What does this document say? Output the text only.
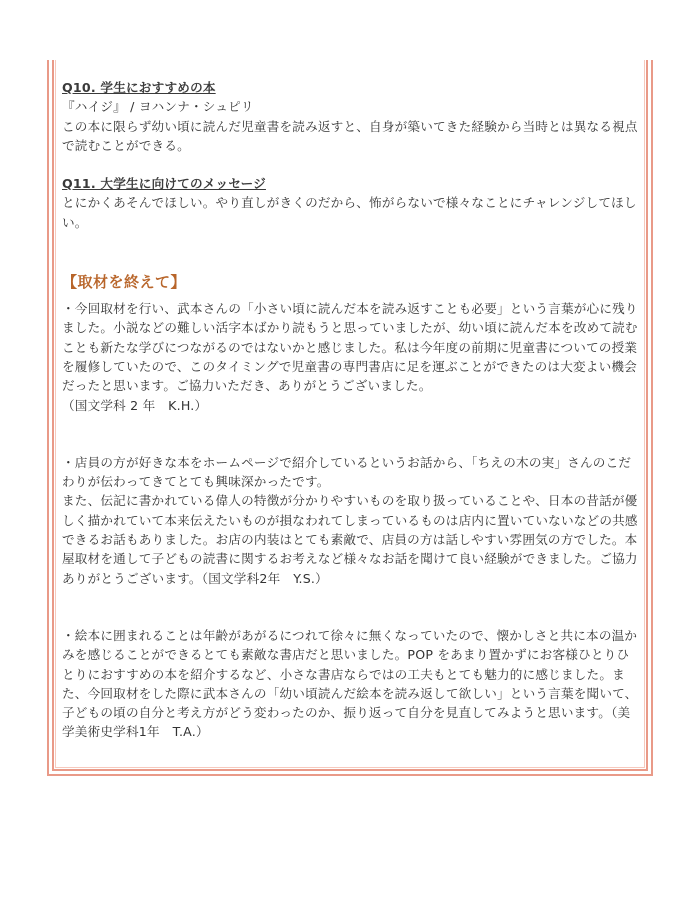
Q10. 学生におすすめの本

『ハイジ』 / ヨハンナ・シュピリ

この本に限らず幼い頃に読んだ児童書を読み返すと、自身が築いてきた経験から当時とは異なる視点で読むことができる。

Q11. 大学生に向けてのメッセージ

とにかくあそんでほしい。やり直しがきくのだから、怖がらないで様々なことにチャレンジしてほしい。

【取材を終えて】

・今回取材を行い、武本さんの「小さい頃に読んだ本を読み返すことも必要」という言葉が心に残りました。小説などの難しい活字本ばかり読もうと思っていましたが、幼い頃に読んだ本を改めて読むことも新たな学びにつながるのではないかと感じました。私は今年度の前期に児童書についての授業を履修していたので、このタイミングで児童書の専門書店に足を運ぶことができたのは大変よい機会だったと思います。ご協力いただき、ありがとうございました。

（国文学科 2 年　K.H.）

・店員の方が好きな本をホームページで紹介しているというお話から、「ちえの木の実」さんのこだわりが伝わってきてとても興味深かったです。

また、伝記に書かれている偉人の特徴が分かりやすいものを取り扱っていることや、日本の昔話が優しく描かれていて本来伝えたいものが損なわれてしまっているものは店内に置いていないなどの共感できるお話もありました。お店の内装はとても素敵で、店員の方は話しやすい雰囲気の方でした。本屋取材を通して子どもの読書に関するお考えなど様々なお話を聞けて良い経験ができました。ご協力ありがとうございます。（国文学科2年　Y.S.）

・絵本に囲まれることは年齢があがるにつれて徐々に無くなっていたので、懐かしさと共に本の温かみを感じることができるとても素敵な書店だと思いました。POP をあまり置かずにお客様ひとりひとりにおすすめの本を紹介するなど、小さな書店ならではの工夫もとても魅力的に感じました。また、今回取材をした際に武本さんの「幼い頃読んだ絵本を読み返して欲しい」という言葉を聞いて、子どもの頃の自分と考え方がどう変わったのか、振り返って自分を見直してみようと思います。（美学美術史学科1年　T.A.）
